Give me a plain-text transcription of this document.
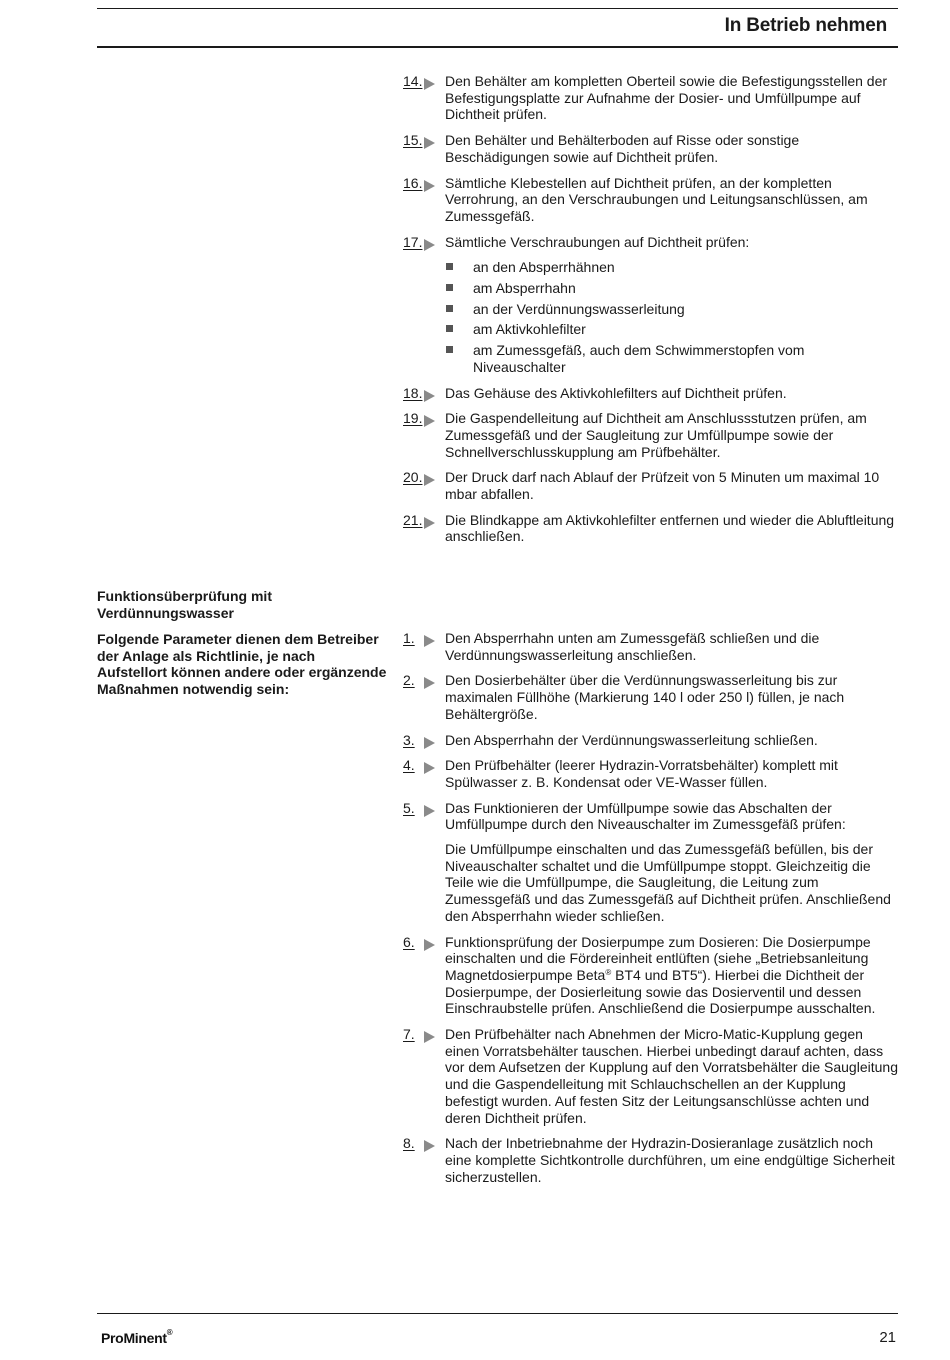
In Betrieb nehmen
14. Den Behälter am kompletten Oberteil sowie die Befestigungsstellen der Befestigungsplatte zur Aufnahme der Dosier- und Umfüllpumpe auf Dichtheit prüfen.
15. Den Behälter und Behälterboden auf Risse oder sonstige Beschädigungen sowie auf Dichtheit prüfen.
16. Sämtliche Klebestellen auf Dichtheit prüfen, an der kompletten Verrohrung, an den Verschraubungen und Leitungsanschlüssen, am Zumessgefäß.
17. Sämtliche Verschraubungen auf Dichtheit prüfen:
an den Absperrhähnen
am Absperrhahn
an der Verdünnungswasserleitung
am Aktivkohlefilter
am Zumessgefäß, auch dem Schwimmerstopfen vom Niveauschalter
18. Das Gehäuse des Aktivkohlefilters auf Dichtheit prüfen.
19. Die Gaspendelleitung auf Dichtheit am Anschlussstutzen prüfen, am Zumessgefäß und der Saugleitung zur Umfüllpumpe sowie der Schnellverschlusskupplung am Prüfbehälter.
20. Der Druck darf nach Ablauf der Prüfzeit von 5 Minuten um maximal 10 mbar abfallen.
21. Die Blindkappe am Aktivkohlefilter entfernen und wieder die Abluftleitung anschließen.
Funktionsüberprüfung mit Verdünnungswasser
Folgende Parameter dienen dem Betreiber der Anlage als Richtlinie, je nach Aufstellort können andere oder ergänzende Maßnahmen notwendig sein:
1. Den Absperrhahn unten am Zumessgefäß schließen und die Verdünnungswasserleitung anschließen.
2. Den Dosierbehälter über die Verdünnungswasserleitung bis zur maximalen Füllhöhe (Markierung 140 l oder 250 l) füllen, je nach Behältergröße.
3. Den Absperrhahn der Verdünnungswasserleitung schließen.
4. Den Prüfbehälter (leerer Hydrazin-Vorratsbehälter) komplett mit Spülwasser z. B. Kondensat oder VE-Wasser füllen.
5. Das Funktionieren der Umfüllpumpe sowie das Abschalten der Umfüllpumpe durch den Niveauschalter im Zumessgefäß prüfen:
Die Umfüllpumpe einschalten und das Zumessgefäß befüllen, bis der Niveauschalter schaltet und die Umfüllpumpe stoppt. Gleichzeitig die Teile wie die Umfüllpumpe, die Saugleitung, die Leitung zum Zumessgefäß und das Zumessgefäß auf Dichtheit prüfen. Anschließend den Absperrhahn wieder schließen.
6. Funktionsprüfung der Dosierpumpe zum Dosieren: Die Dosierpumpe einschalten und die Fördereinheit entlüften (siehe „Betriebsanleitung Magnetdosierpumpe Beta® BT4 und BT5“). Hierbei die Dichtheit der Dosierpumpe, der Dosierleitung sowie das Dosierventil und dessen Einschraubstelle prüfen. Anschließend die Dosierpumpe ausschalten.
7. Den Prüfbehälter nach Abnehmen der Micro-Matic-Kupplung gegen einen Vorratsbehälter tauschen. Hierbei unbedingt darauf achten, dass vor dem Aufsetzen der Kupplung auf den Vorratsbehälter die Saugleitung und die Gaspendelleitung mit Schlauchschellen an der Kupplung befestigt wurden. Auf festen Sitz der Leitungsanschlüsse achten und deren Dichtheit prüfen.
8. Nach der Inbetriebnahme der Hydrazin-Dosieranlage zusätzlich noch eine komplette Sichtkontrolle durchführen, um eine endgültige Sicherheit sicherzustellen.
ProMinent®	21
